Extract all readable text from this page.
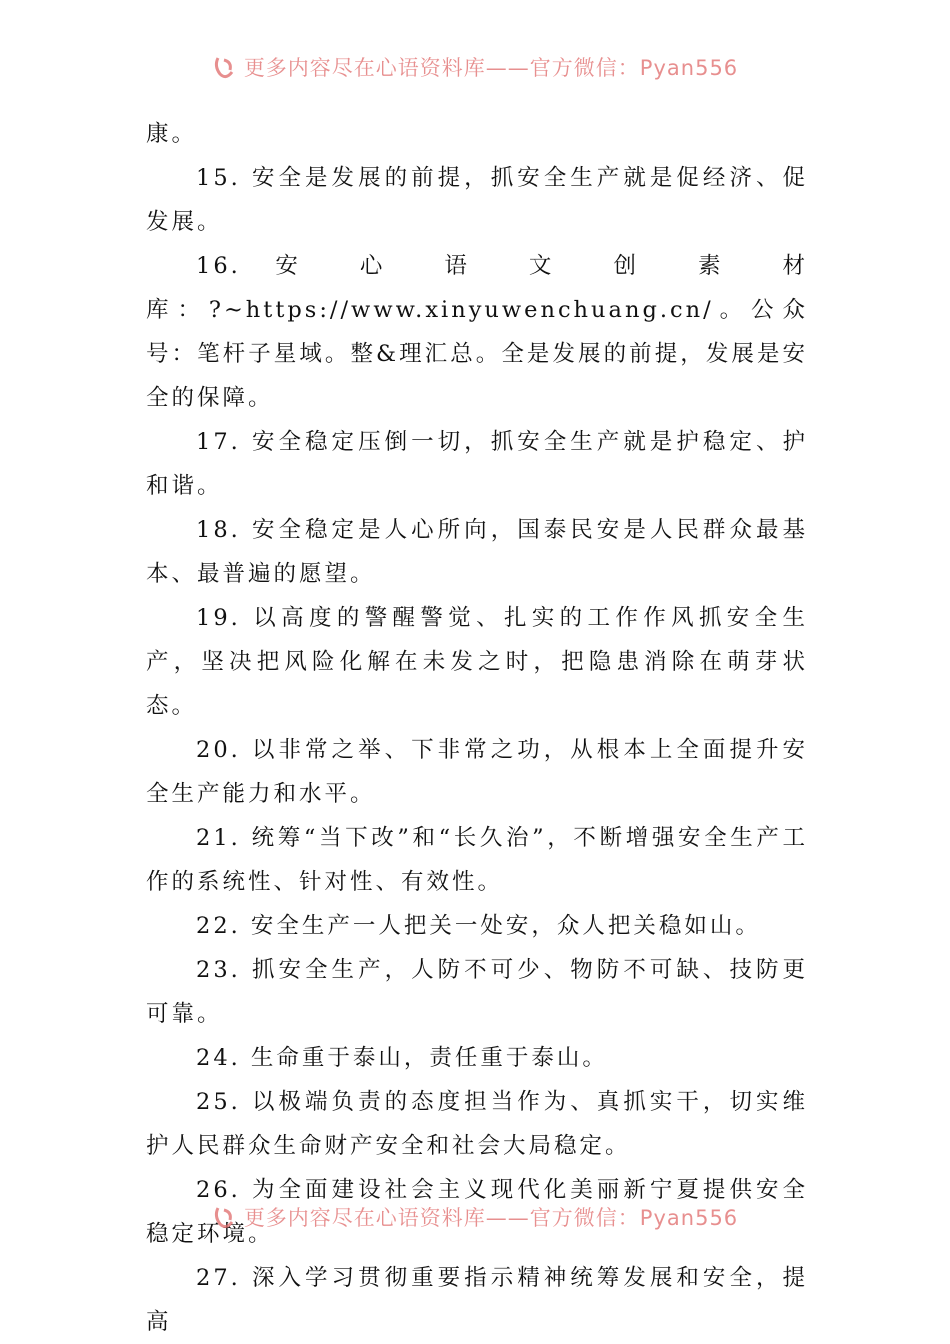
更多内容尽在心语资料库——官方微信：Pyan556

康。

15. 安全是发展的前提，抓安全生产就是促经济、促发展。

16. 安 心 语 文 创 素 材

库：?~https://www.xinyuwenchuang.cn/。公众号：笔杆子星域。整&理汇总。全是发展的前提，发展是安全的保障。

17. 安全稳定压倒一切，抓安全生产就是护稳定、护和谐。

18. 安全稳定是人心所向，国泰民安是人民群众最基本、最普遍的愿望。

19. 以高度的警醒警觉、扎实的工作作风抓安全生产，坚决把风险化解在未发之时，把隐患消除在萌芽状态。

20. 以非常之举、下非常之功，从根本上全面提升安全生产能力和水平。

21. 统筹“当下改”和“长久治”，不断增强安全生产工作的系统性、针对性、有效性。

22. 安全生产一人把关一处安，众人把关稳如山。

23. 抓安全生产，人防不可少、物防不可缺、技防更可靠。

24. 生命重于泰山，责任重于泰山。

25. 以极端负责的态度担当作为、真抓实干，切实维护人民群众生命财产安全和社会大局稳定。

26. 为全面建设社会主义现代化美丽新宁夏提供安全稳定环境。

27. 深入学习贯彻重要指示精神统筹发展和安全，提高

更多内容尽在心语资料库——官方微信：Pyan556
